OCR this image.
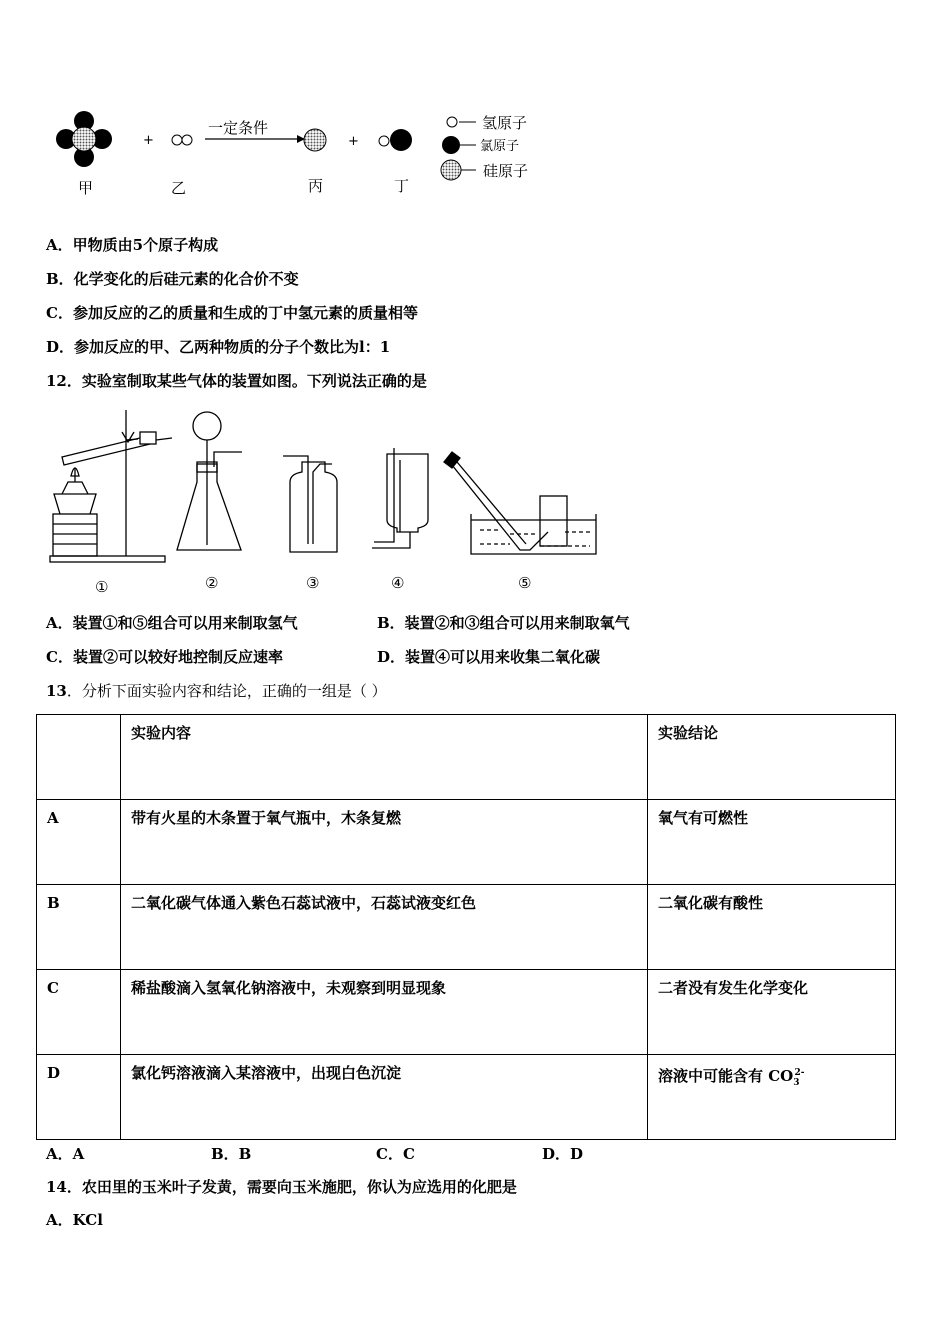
+
一定条件
+
甲	乙	丙	丁
氢原子
氯原子
硅原子
A．甲物质由5个原子构成
B．化学变化的后硅元素的化合价不变
C．参加反应的乙的质量和生成的丁中氢元素的质量相等
D．参加反应的甲、乙两种物质的分子个数比为l：1
12．实验室制取某些气体的装置如图。下列说法正确的是
①	②	③	④	⑤
A．装置①和⑤组合可以用来制取氢气	B．装置②和③组合可以用来制取氧气
C．装置②可以较好地控制反应速率	D．装置④可以用来收集二氧化碳
13．分析下面实验内容和结论，正确的一组是（ ）
	实验内容	实验结论
A	带有火星的木条置于氧气瓶中，木条复燃	氧气有可燃性
B	二氧化碳气体通入紫色石蕊试液中，石蕊试液变红色	二氧化碳有酸性
C	稀盐酸滴入氢氧化钠溶液中，未观察到明显现象	二者没有发生化学变化
D	氯化钙溶液滴入某溶液中，出现白色沉淀	溶液中可能含有 $CO_3^{2-}$
A．A	B．B	C．C	D．D
14．农田里的玉米叶子发黄，需要向玉米施肥，你认为应选用的化肥是
A．KCl
